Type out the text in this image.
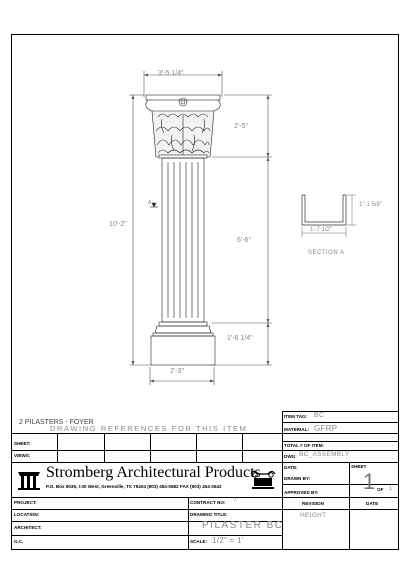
3'-5 1/4"
2'-5"
10'-2"
6'-6"
1'-6 1/4"
2'-3"
A	1"-1 5/8"
1'-7 1/2"
SECTION A
2 PILASTERS - FOYER
DRAWING REFERENCES FOR THIS ITEM
SHEET:
VIEWS:
Stromberg Architectural Products
P.O. Box 6036, I-30 West, Greenville, TX 75404 (903) 454-0682 FAX (903) 454-3642
PROJECT:
LOCATION:
ARCHITECT:
G.C.
CONTRACT NO: ?
DRAWING TITLE:
PILASTER BC
SCALE: 1/2" = 1'
ITEM TAG: BC
MATERIAL: GFRP
TOTAL # OF ITEM:
DWG: BC_ASSEMBLY
DATE:	SHEET
1 OF 1
DRAWN BY:
APPROVED BY:
REVISION	DATE
HEIGHT
